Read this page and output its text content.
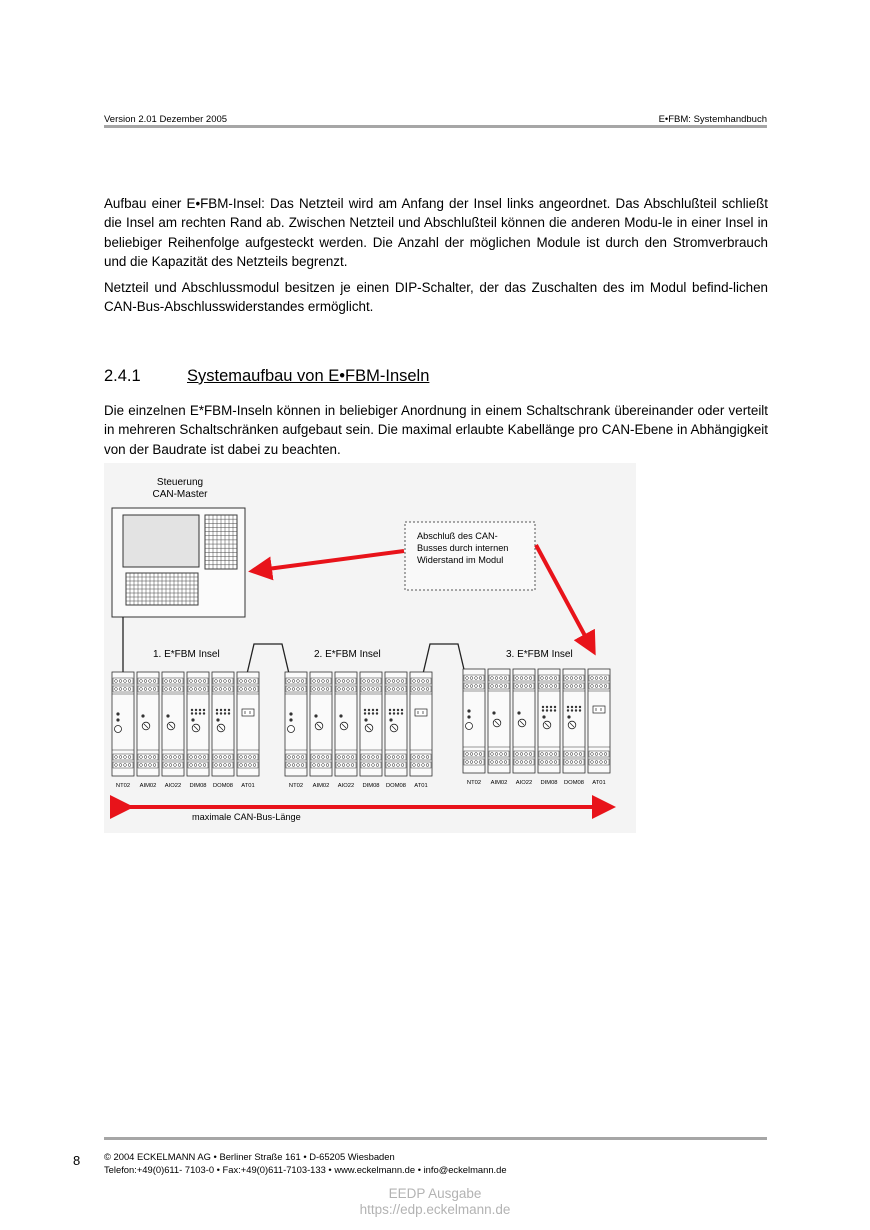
Version 2.01 Dezember 2005	E•FBM: Systemhandbuch

Aufbau einer E•FBM-Insel: Das Netzteil wird am Anfang der Insel links angeordnet. Das Abschlußteil schließt die Insel am rechten Rand ab. Zwischen Netzteil und Abschlußteil können die anderen Modu-le in einer Insel in beliebiger Reihenfolge aufgesteckt werden. Die Anzahl der möglichen Module ist durch den Stromverbrauch und die Kapazität des Netzteils begrenzt.

Netzteil und Abschlussmodul besitzen je einen DIP-Schalter, der das Zuschalten des im Modul befind-lichen CAN-Bus-Abschlusswiderstandes ermöglicht.

2.4.1	Systemaufbau von E•FBM-Inseln

Die einzelnen E*FBM-Inseln können in beliebiger Anordnung in einem Schaltschrank übereinander oder verteilt in mehreren Schaltschränken aufgebaut sein. Die maximal erlaubte Kabellänge pro CAN-Ebene in Abhängigkeit von der Baudrate ist dabei zu beachten.

Steuerung
CAN-Master
Abschluß des CAN-
Busses durch internen
Widerstand im Modul
1. E*FBM Insel	2. E*FBM Insel	3. E*FBM Insel
NT02 AIM02 AIO22 DIM08 DOM08 AT01	NT02 AIM02 AIO22 DIM08 DOM08 AT01	NT02 AIM02 AIO22 DIM08 DOM08 AT01
maximale CAN-Bus-Länge
8	© 2004 ECKELMANN AG • Berliner Straße 161 • D-65205 Wiesbaden
Telefon:+49(0)611- 7103-0 • Fax:+49(0)611-7103-133 • www.eckelmann.de • info@eckelmann.de
EEDP Ausgabe
https://edp.eckelmann.de
